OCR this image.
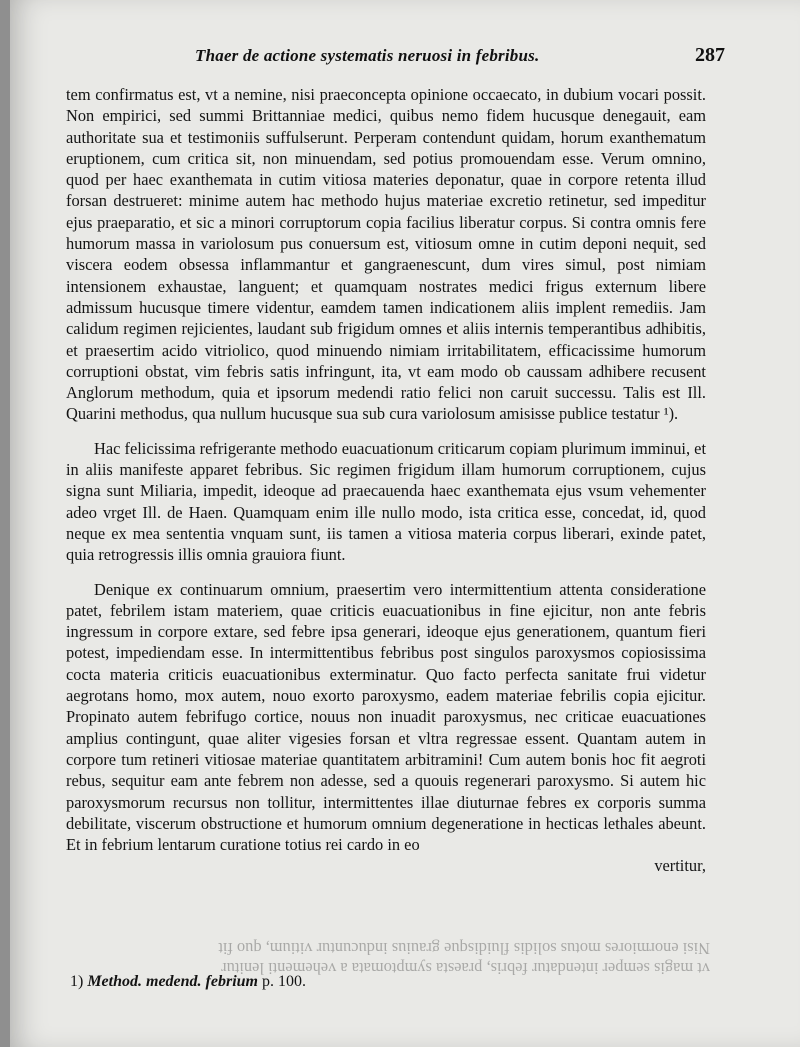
Thaer de actione systematis neruosi in febribus.	287

tem confirmatus est, vt a nemine, nisi praeconcepta opinione occaecato, in dubium vocari possit. Non empirici, sed summi Brittanniae medici, quibus nemo fidem hucusque denegauit, eam authoritate sua et testimoniis suffulserunt. Perperam contendunt quidam, horum exanthematum eruptionem, cum critica sit, non minuendam, sed potius promouendam esse. Verum omnino, quod per haec exanthemata in cutim vitiosa materies deponatur, quae in corpore retenta illud forsan destrueret: minime autem hac methodo hujus materiae excretio retinetur, sed impeditur ejus praeparatio, et sic a minori corruptorum copia facilius liberatur corpus. Si contra omnis fere humorum massa in variolosum pus conuersum est, vitiosum omne in cutim deponi nequit, sed viscera eodem obsessa inflammantur et gangraenescunt, dum vires simul, post nimiam intensionem exhaustae, languent; et quamquam nostrates medici frigus externum libere admissum hucusque timere videntur, eamdem tamen indicationem aliis implent remediis. Jam calidum regimen rejicientes, laudant sub frigidum omnes et aliis internis temperantibus adhibitis, et praesertim acido vitriolico, quod minuendo nimiam irritabilitatem, efficacissime humorum corruptioni obstat, vim febris satis infringunt, ita, vt eam modo ob caussam adhibere recusent Anglorum methodum, quia et ipsorum medendi ratio felici non caruit successu. Talis est Ill. Quarini methodus, qua nullum hucusque sua sub cura variolosum amisisse publice testatur ¹).

Hac felicissima refrigerante methodo euacuationum criticarum copiam plurimum imminui, et in aliis manifeste apparet febribus. Sic regimen frigidum illam humorum corruptionem, cujus signa sunt Miliaria, impedit, ideoque ad praecauenda haec exanthemata ejus vsum vehementer adeo vrget Ill. de Haen. Quamquam enim ille nullo modo, ista critica esse, concedat, id, quod neque ex mea sententia vnquam sunt, iis tamen a vitiosa materia corpus liberari, exinde patet, quia retrogressis illis omnia grauiora fiunt.

Denique ex continuarum omnium, praesertim vero intermittentium attenta consideratione patet, febrilem istam materiem, quae criticis euacuationibus in fine ejicitur, non ante febris ingressum in corpore extare, sed febre ipsa generari, ideoque ejus generationem, quantum fieri potest, impediendam esse. In intermittentibus febribus post singulos paroxysmos copiosissima cocta materia criticis euacuationibus exterminatur. Quo facto perfecta sanitate frui videtur aegrotans homo, mox autem, nouo exorto paroxysmo, eadem materiae febrilis copia ejicitur. Propinato autem febrifugo cortice, nouus non inuadit paroxysmus, nec criticae euacuationes amplius contingunt, quae aliter vigesies forsan et vltra regressae essent. Quantam autem in corpore tum retineri vitiosae materiae quantitatem arbitramini! Cum autem bonis hoc fit aegroti rebus, sequitur eam ante febrem non adesse, sed a quouis regenerari paroxysmo. Si autem hic paroxysmorum recursus non tollitur, intermittentes illae diuturnae febres ex corporis summa debilitate, viscerum obstructione et humorum omnium degeneratione in hecticas lethales abeunt. Et in febrium lentarum curatione totius rei cardo in eo

vertitur,
Nisi enormiores motus solidis fluidisque grauius inducuntur vitium, quo fit
vt magis semper intendatur febris, praesta symptomata a vehementi lenitur
1) Method. medend. febrium p. 100.
